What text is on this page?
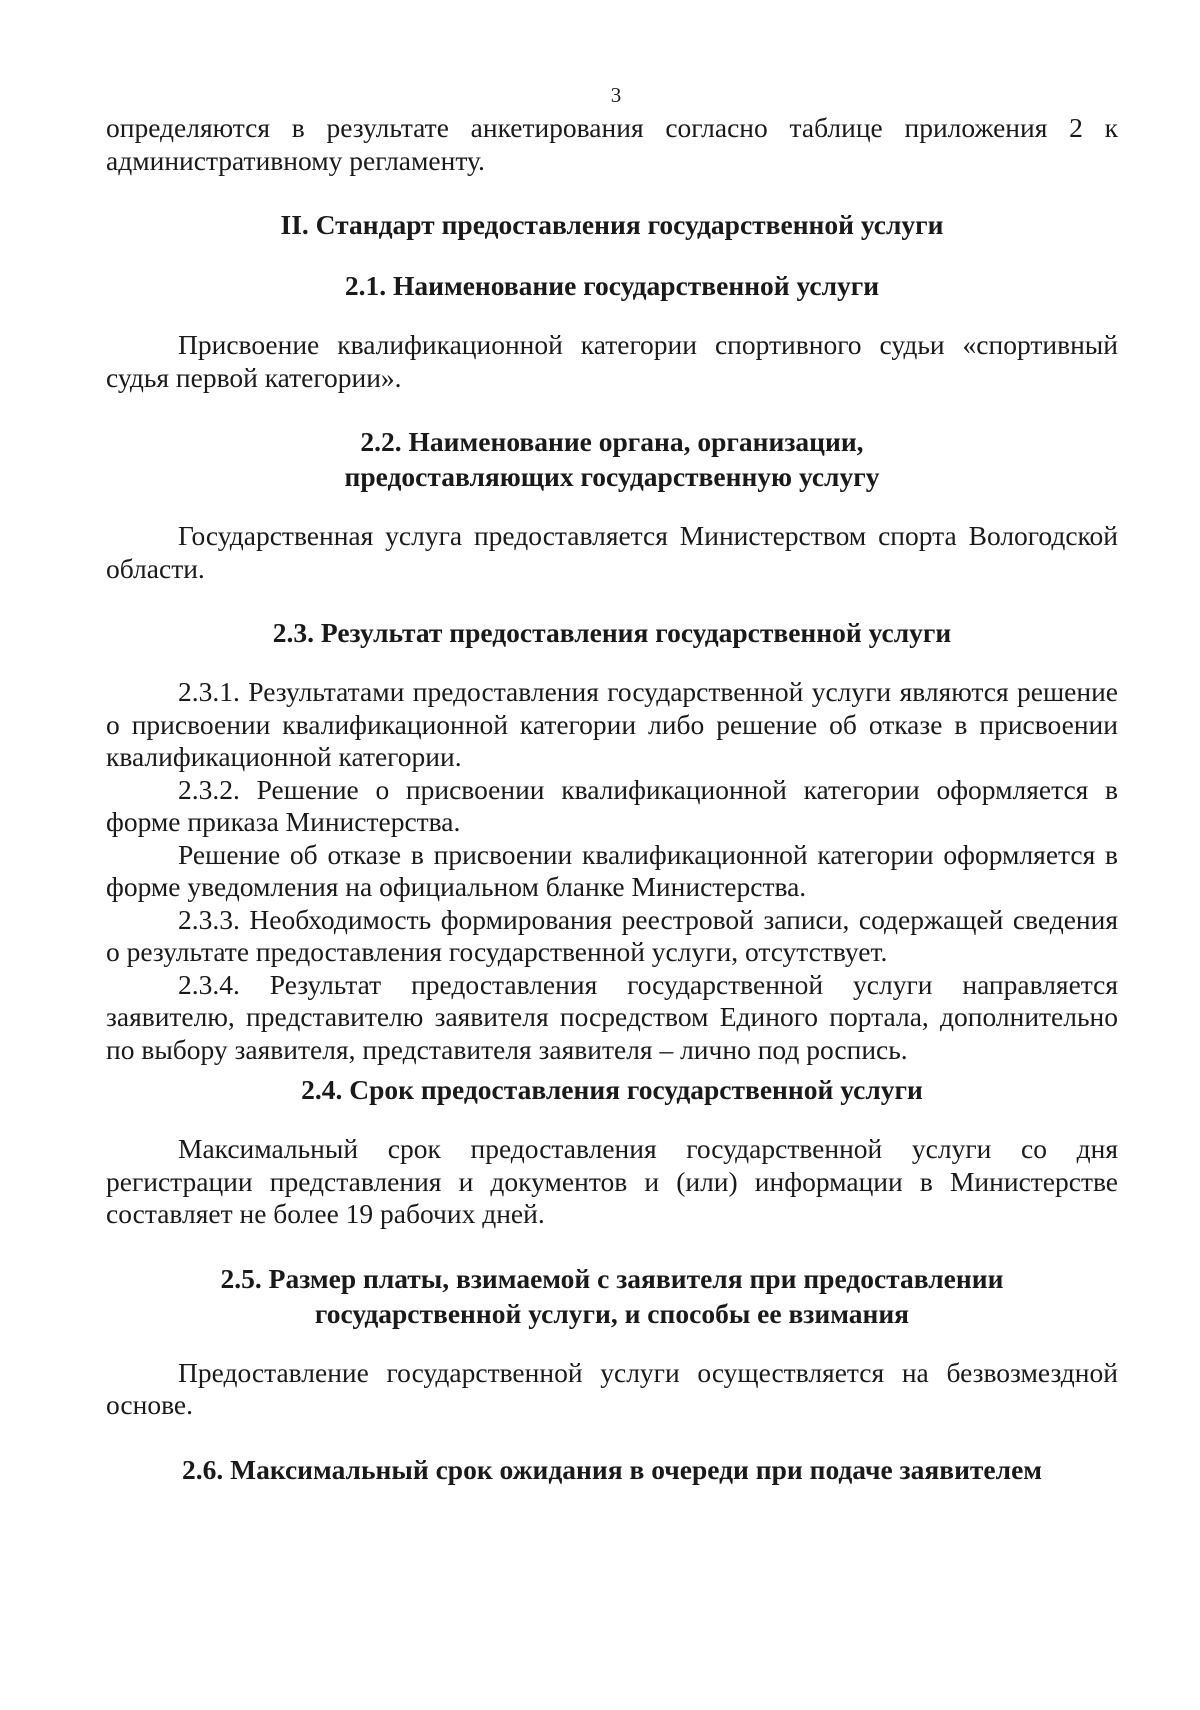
3

определяются в результате анкетирования согласно таблице приложения 2 к административному регламенту.

II. Стандарт предоставления государственной услуги
2.1. Наименование государственной услуги

Присвоение квалификационной категории спортивного судьи «спортивный судья первой категории».

2.2. Наименование органа, организации,
предоставляющих государственную услугу

Государственная услуга предоставляется Министерством спорта Вологодской области.

2.3. Результат предоставления государственной услуги

2.3.1. Результатами предоставления государственной услуги являются решение о присвоении квалификационной категории либо решение об отказе в присвоении квалификационной категории.

2.3.2. Решение о присвоении квалификационной категории оформляется в форме приказа Министерства.

Решение об отказе в присвоении квалификационной категории оформляется в форме уведомления на официальном бланке Министерства.

2.3.3. Необходимость формирования реестровой записи, содержащей сведения о результате предоставления государственной услуги, отсутствует.

2.3.4. Результат предоставления государственной услуги направляется заявителю, представителю заявителя посредством Единого портала, дополнительно по выбору заявителя, представителя заявителя – лично под роспись.

2.4. Срок предоставления государственной услуги

Максимальный срок предоставления государственной услуги со дня регистрации представления и документов и (или) информации в Министерстве составляет не более 19 рабочих дней.

2.5. Размер платы, взимаемой с заявителя при предоставлении
государственной услуги, и способы ее взимания

Предоставление государственной услуги осуществляется на безвозмездной основе.

2.6. Максимальный срок ожидания в очереди при подаче заявителем
